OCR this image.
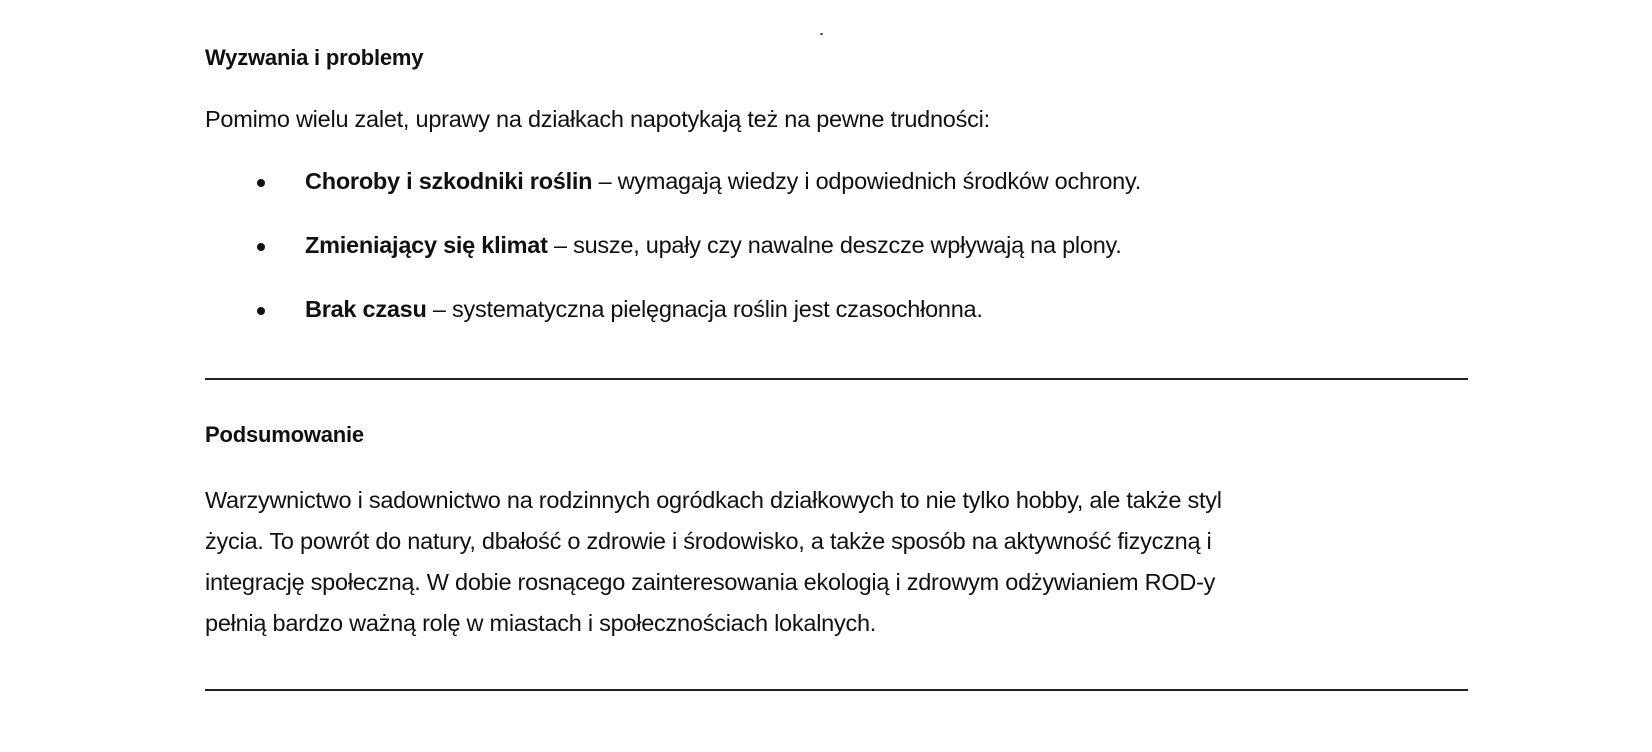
Wyzwania i problemy
Pomimo wielu zalet, uprawy na działkach napotykają też na pewne trudności:
Choroby i szkodniki roślin – wymagają wiedzy i odpowiednich środków ochrony.
Zmieniający się klimat – susze, upały czy nawalne deszcze wpływają na plony.
Brak czasu – systematyczna pielęgnacja roślin jest czasochłonna.
Podsumowanie
Warzywnictwo i sadownictwo na rodzinnych ogródkach działkowych to nie tylko hobby, ale także styl
życia. To powrót do natury, dbałość o zdrowie i środowisko, a także sposób na aktywność fizyczną i
integrację społeczną. W dobie rosnącego zainteresowania ekologią i zdrowym odżywianiem ROD-y
pełnią bardzo ważną rolę w miastach i społecznościach lokalnych.
